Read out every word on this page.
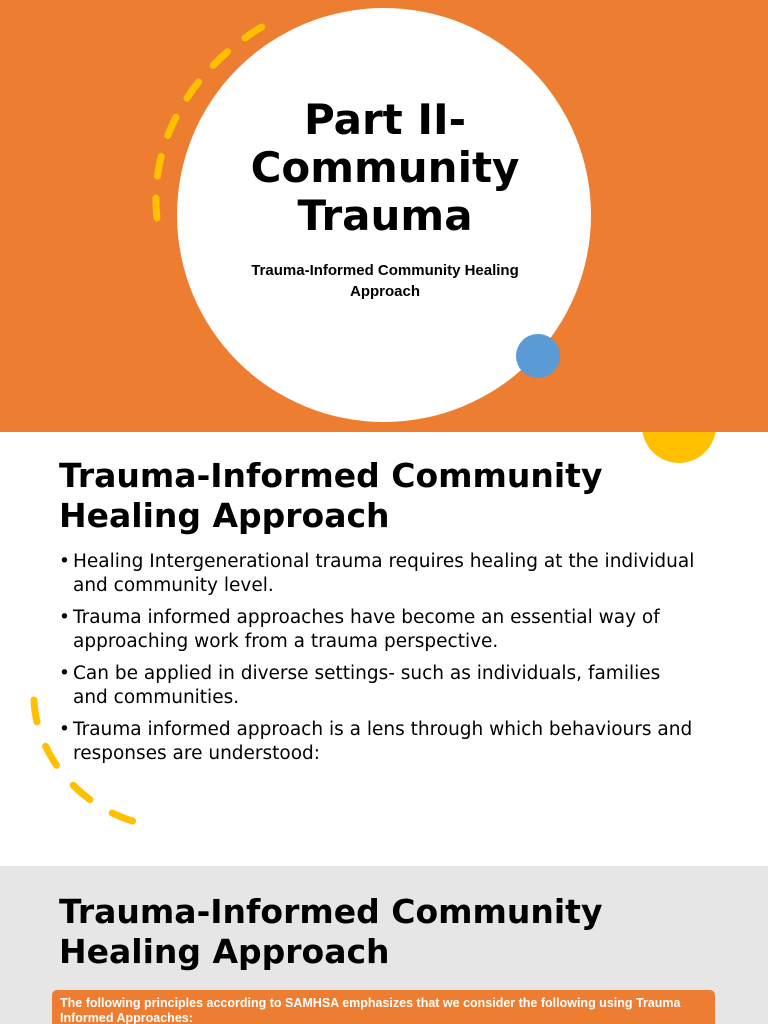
Part II-
Community
Trauma
Trauma-Informed Community Healing Approach
Trauma-Informed Community Healing Approach
• Healing Intergenerational trauma requires healing at the individual and community level.
• Trauma informed approaches have become an essential way of approaching work from a trauma perspective.
• Can be applied in diverse settings- such as individuals, families and communities.
• Trauma informed approach is a lens through which behaviours and responses are understood:
Trauma-Informed Community Healing Approach
The following principles according to SAMHSA emphasizes that we consider the following using Trauma Informed Approaches:
